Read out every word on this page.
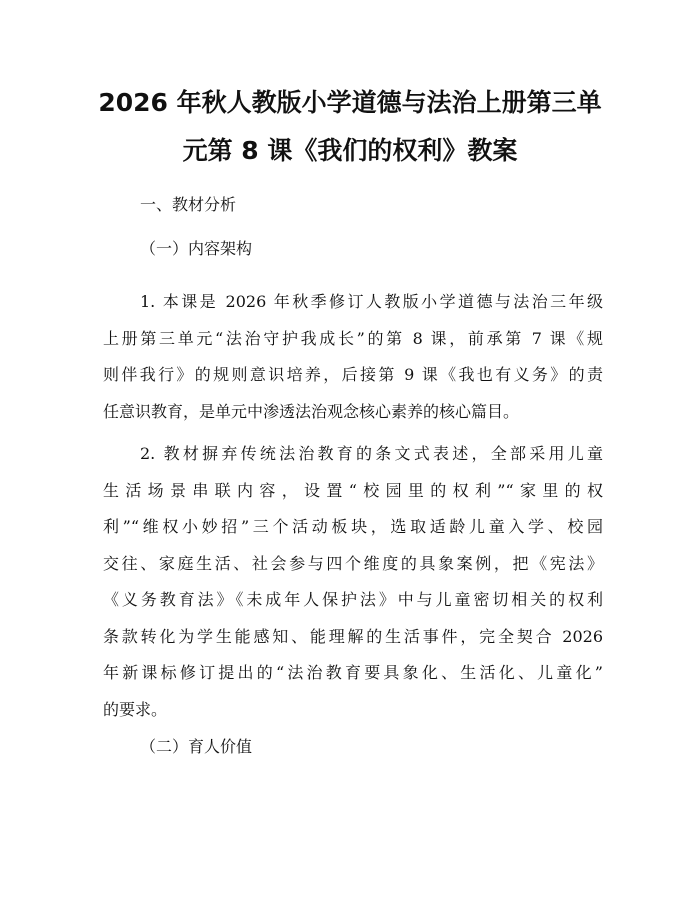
2026 年秋人教版小学道德与法治上册第三单
元第 8 课《我们的权利》教案

一、教材分析

（一）内容架构

1. 本课是 2026 年秋季修订人教版小学道德与法治三年级
上册第三单元“法治守护我成长”的第 8 课，前承第 7 课《规
则伴我行》的规则意识培养，后接第 9 课《我也有义务》的责
任意识教育，是单元中渗透法治观念核心素养的核心篇目。

2. 教材摒弃传统法治教育的条文式表述，全部采用儿童
生活场景串联内容，设置“校园里的权利”“家里的权
利”“维权小妙招”三个活动板块，选取适龄儿童入学、校园
交往、家庭生活、社会参与四个维度的具象案例，把《宪法》
《义务教育法》《未成年人保护法》中与儿童密切相关的权利
条款转化为学生能感知、能理解的生活事件，完全契合 2026
年新课标修订提出的“法治教育要具象化、生活化、儿童化”
的要求。

（二）育人价值
